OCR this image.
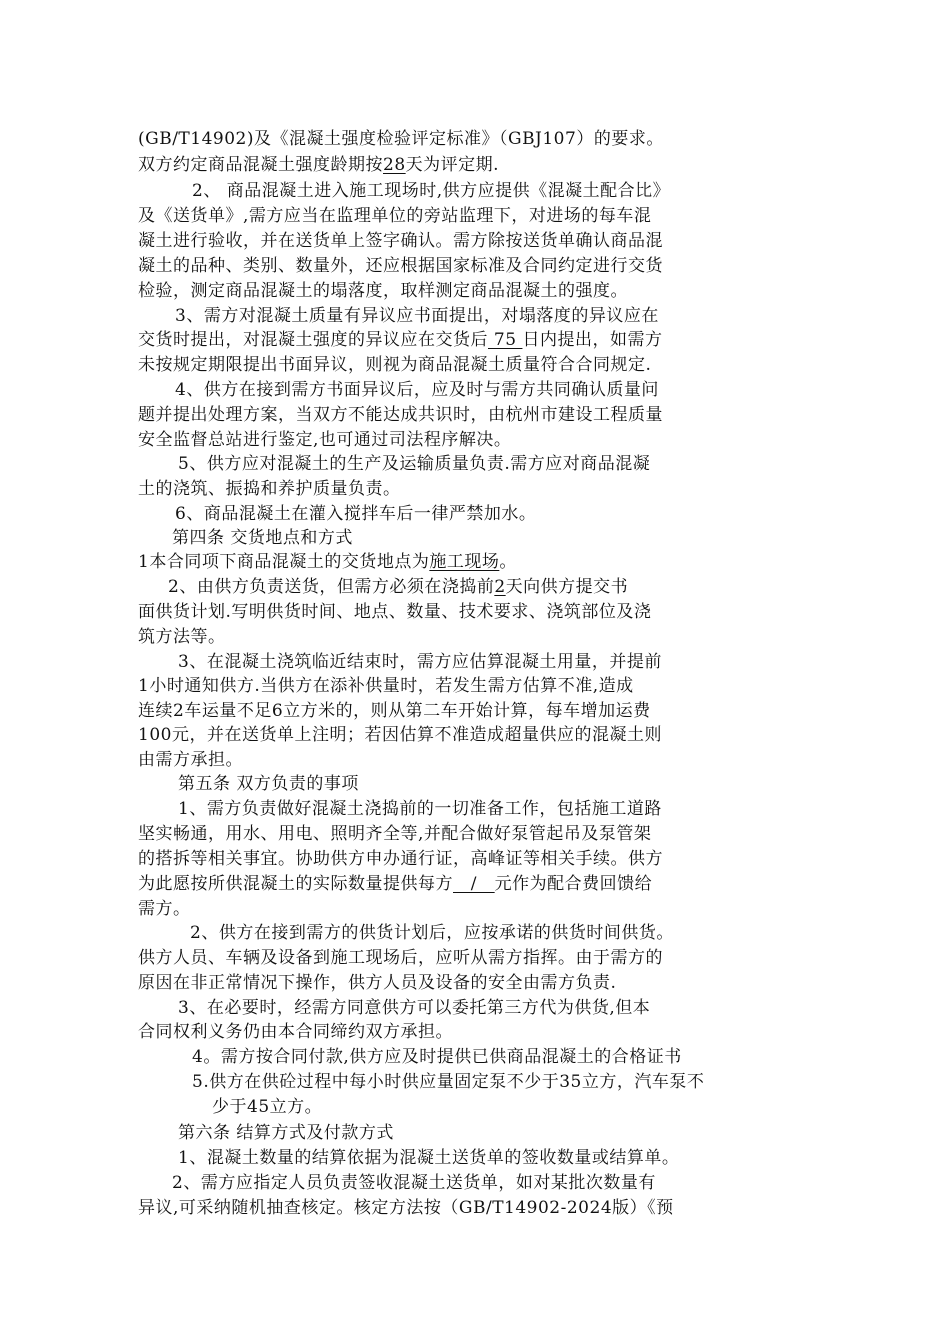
(GB/T14902)及《混凝土强度检验评定标准》（GBJ107）的要求。
双方约定商品混凝土强度龄期按28天为评定期.
2、 商品混凝土进入施工现场时,供方应提供《混凝土配合比》
及《送货单》,需方应当在监理单位的旁站监理下，对进场的每车混
凝土进行验收，并在送货单上签字确认。需方除按送货单确认商品混
凝土的品种、类别、数量外，还应根据国家标准及合同约定进行交货
检验，测定商品混凝土的塌落度，取样测定商品混凝土的强度。
3、需方对混凝土质量有异议应书面提出，对塌落度的异议应在
交货时提出，对混凝土强度的异议应在交货后 75 日内提出，如需方
未按规定期限提出书面异议，则视为商品混凝土质量符合合同规定.
4、供方在接到需方书面异议后，应及时与需方共同确认质量问
题并提出处理方案，当双方不能达成共识时，由杭州市建设工程质量
安全监督总站进行鉴定,也可通过司法程序解决。
5、供方应对混凝土的生产及运输质量负责.需方应对商品混凝
土的浇筑、振捣和养护质量负责。
6、商品混凝土在灌入搅拌车后一律严禁加水。
第四条 交货地点和方式
1本合同项下商品混凝土的交货地点为施工现场。
2、由供方负责送货，但需方必须在浇捣前2天向供方提交书
面供货计划.写明供货时间、地点、数量、技术要求、浇筑部位及浇
筑方法等。
3、在混凝土浇筑临近结束时，需方应估算混凝土用量，并提前
1小时通知供方.当供方在添补供量时，若发生需方估算不准,造成
连续2车运量不足6立方米的，则从第二车开始计算，每车增加运费
100元，并在送货单上注明；若因估算不准造成超量供应的混凝土则
由需方承担。
第五条 双方负责的事项
1、需方负责做好混凝土浇捣前的一切准备工作，包括施工道路
坚实畅通，用水、用电、照明齐全等,并配合做好泵管起吊及泵管架
的搭拆等相关事宜。协助供方申办通行证，高峰证等相关手续。供方
为此愿按所供混凝土的实际数量提供每方   /   元作为配合费回馈给
需方。
2、供方在接到需方的供货计划后，应按承诺的供货时间供货。
供方人员、车辆及设备到施工现场后，应听从需方指挥。由于需方的
原因在非正常情况下操作，供方人员及设备的安全由需方负责.
3、在必要时，经需方同意供方可以委托第三方代为供货,但本
合同权利义务仍由本合同缔约双方承担。
4。需方按合同付款,供方应及时提供已供商品混凝土的合格证书
5.供方在供砼过程中每小时供应量固定泵不少于35立方，汽车泵不
少于45立方。
第六条 结算方式及付款方式
1、混凝土数量的结算依据为混凝土送货单的签收数量或结算单。
2、需方应指定人员负责签收混凝土送货单，如对某批次数量有
异议,可采纳随机抽查核定。核定方法按（GB/T14902-2024版）《预
